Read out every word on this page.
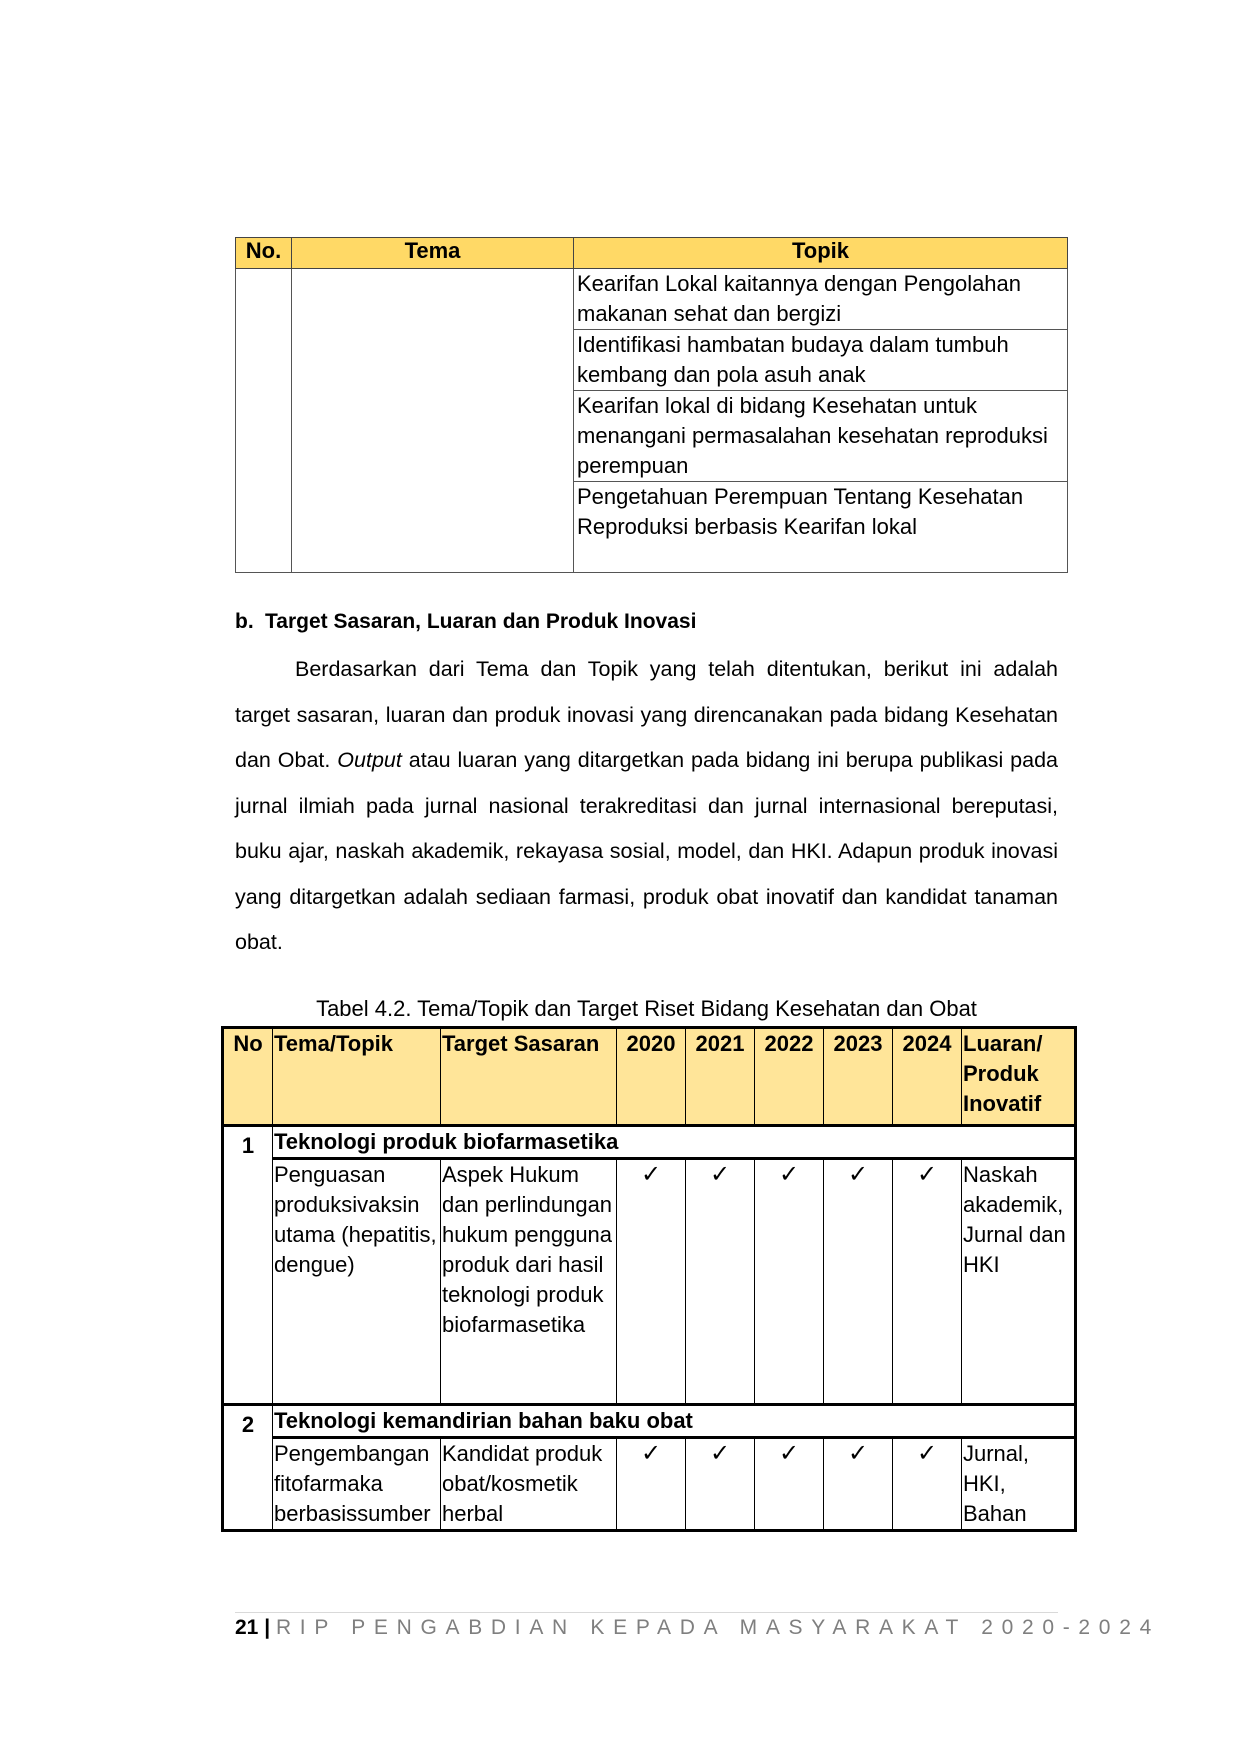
No.	Tema	Topik
		Kearifan Lokal kaitannya dengan Pengolahan makanan sehat dan bergizi
		Identifikasi hambatan budaya dalam tumbuh kembang dan pola asuh anak
		Kearifan lokal di bidang Kesehatan untuk menangani permasalahan kesehatan reproduksi perempuan
		Pengetahuan Perempuan Tentang Kesehatan Reproduksi berbasis Kearifan lokal
b. Target Sasaran, Luaran dan Produk Inovasi

Berdasarkan dari Tema dan Topik yang telah ditentukan, berikut ini adalah target sasaran, luaran dan produk inovasi yang direncanakan pada bidang Kesehatan dan Obat. Output atau luaran yang ditargetkan pada bidang ini berupa publikasi pada jurnal ilmiah pada jurnal nasional terakreditasi dan jurnal internasional bereputasi, buku ajar, naskah akademik, rekayasa sosial, model, dan HKI. Adapun produk inovasi yang ditargetkan adalah sediaan farmasi, produk obat inovatif dan kandidat tanaman obat.

Tabel 4.2. Tema/Topik dan Target Riset Bidang Kesehatan dan Obat
No	Tema/Topik	Target Sasaran	2020	2021	2022	2023	2024	Luaran/ Produk Inovatif
1	Teknologi produk biofarmasetika							
	Penguasan produksivaksin utama (hepatitis, dengue)	Aspek Hukum dan perlindungan hukum pengguna produk dari hasil teknologi produk biofarmasetika	✓	✓	✓	✓	✓	Naskah akademik, Jurnal dan HKI
2	Teknologi kemandirian bahan baku obat							
	Pengembangan fitofarmaka berbasissumber	Kandidat produk obat/kosmetik herbal	✓	✓	✓	✓	✓	Jurnal, HKI, Bahan
21 | RIP PENGABDIAN KEPADA MASYARAKAT 2020-2024
